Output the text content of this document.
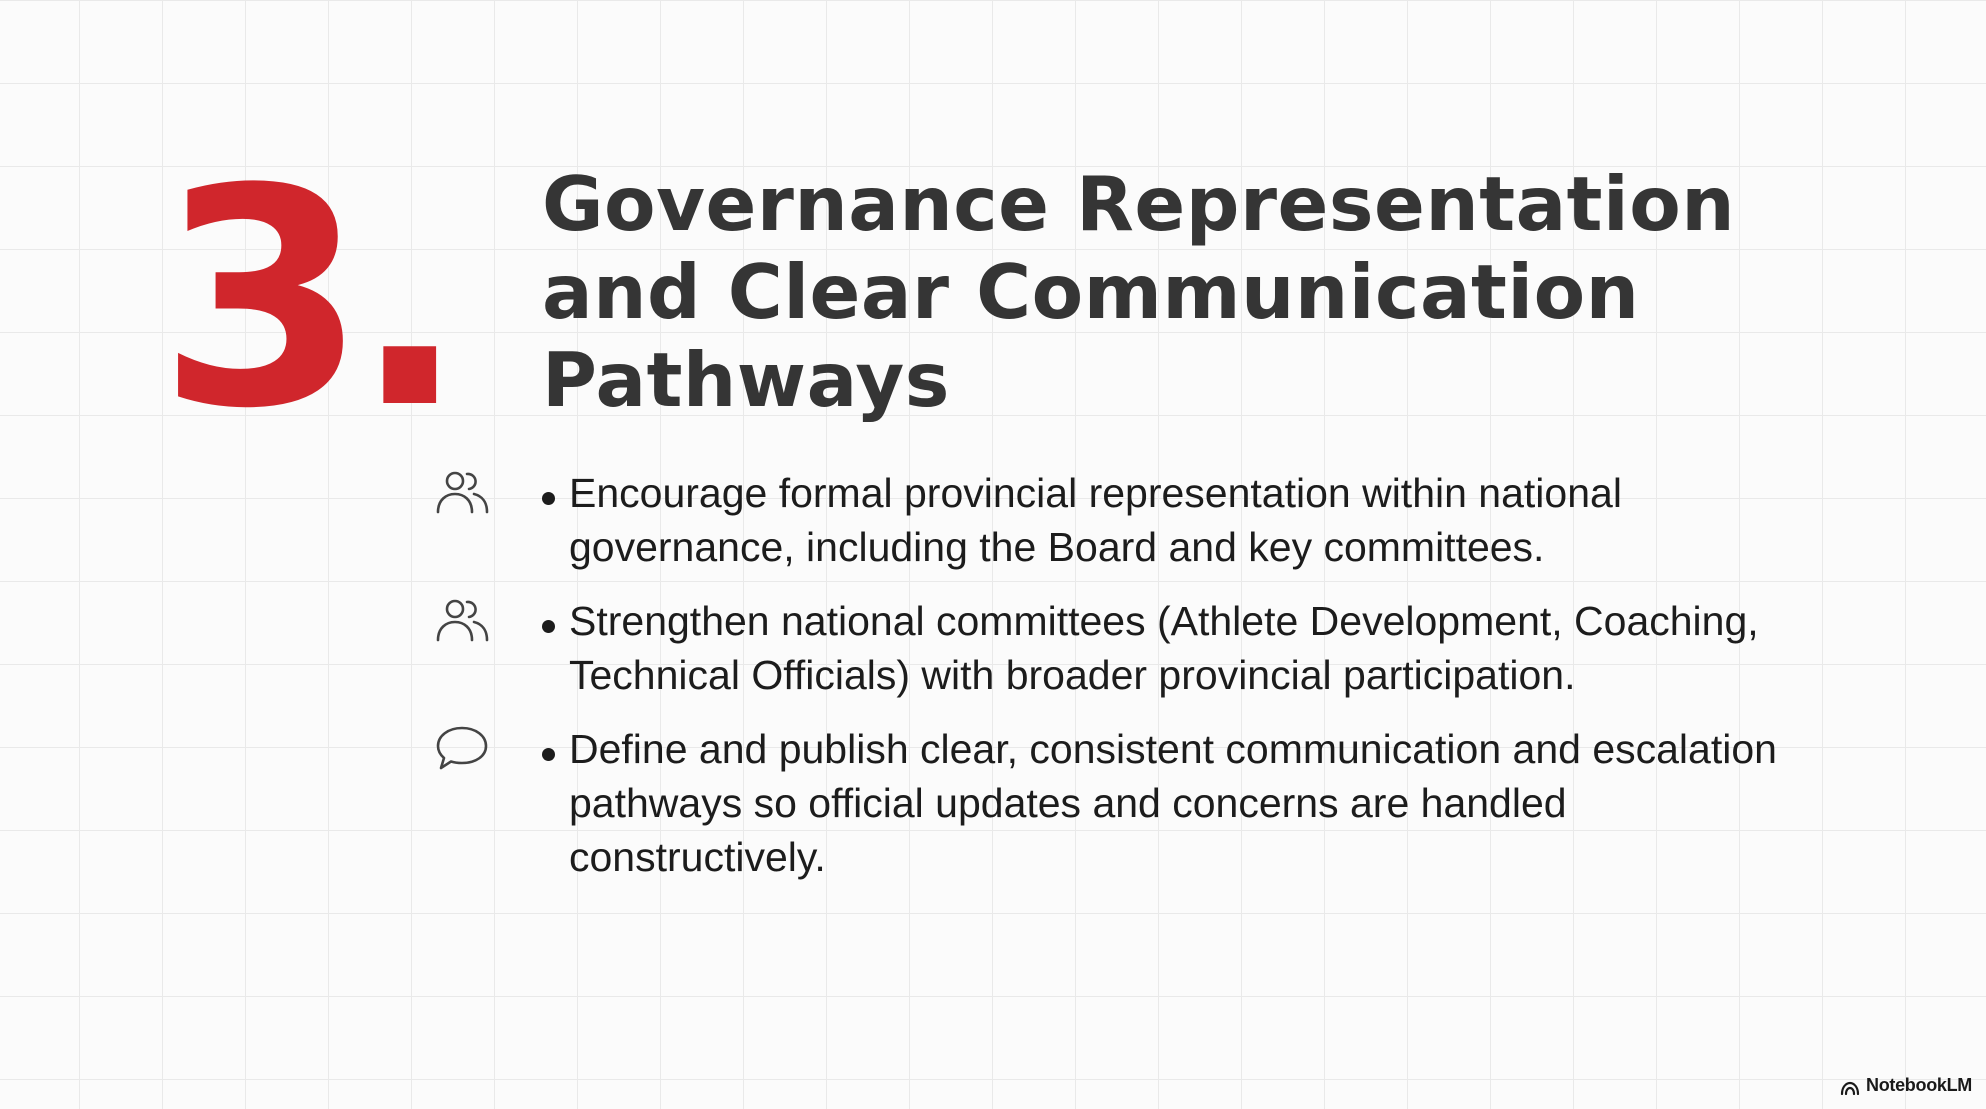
3. Governance Representation and Clear Communication Pathways
Encourage formal provincial representation within national governance, including the Board and key committees.
Strengthen national committees (Athlete Development, Coaching, Technical Officials) with broader provincial participation.
Define and publish clear, consistent communication and escalation pathways so official updates and concerns are handled constructively.
NotebookLM
